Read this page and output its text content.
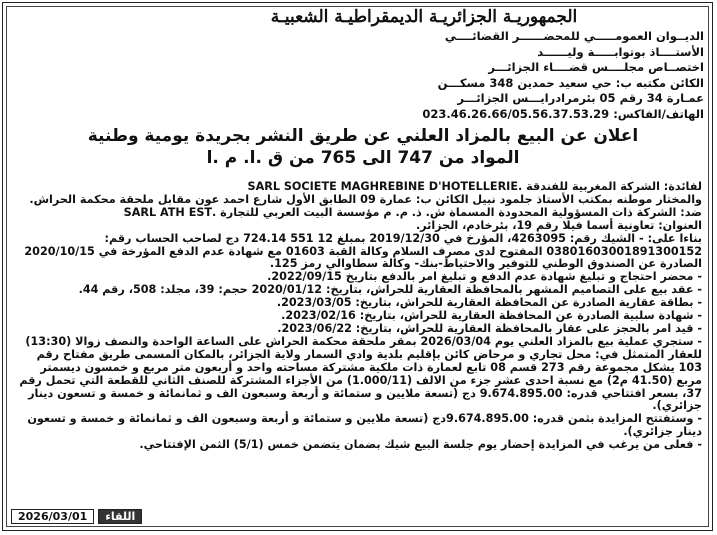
الجمهوريـة الجزائريـة الديمقراطيـة الشعبيـة
الديــوان العمومـــــي للمحضــــــر القضائــــي
الأستــــاذ بوتوابـــــة وليــــــد
اختصــاص مجلــــس قضــــاء الجزائـــر
الكائن مكتبه ب: حي سعيد حمدين 348 مسكـــن
عمـارة 34 رقم 05 بئرمرادرايـــس الجزائـــر
الهاتف/الفاكس: 023.46.26.66/05.56.37.53.29
اعلان عن البيع بالمزاد العلني عن طريق النشر بجريدة يومية وطنية
المواد من 747 الى 765 من ق .ا. م .ا

لفائدة: الشركة المغربية للفندقة .SARL SOCIETE MAGHREBINE D'HOTELLERIE

والمختار موطنه بمكتب الأستاذ جلمود نبيل الكائن ب: عمارة 09 الطابق الأول شارع احمد عون مقابل ملحقة محكمة الحراش.

ضد: الشركة ذات المسؤولية المحدودة المسماة ش. ذ. م. م مؤسسة البيت العربي للتجارة .SARL ATH EST

العنوان: تعاونية أسما فيلا رقم 19، بئرخادم، الجزائر.

بناءا على: - الشيك رقم: 4263095، المؤرخ في 2019/12/30 بمبلغ 12 551 724.14 دج لصاحب الحساب رقم: 03801603001891300152 المفتوح لدى مصرف السلام وكالة القبة 01603 مع شهادة عدم الدفع المؤرخة في 2020/10/15 الصادرة عن الصندوق الوطني للتوفير والاحتياط-بنك- وكالة سطاوالي رمز 125.

- محضر احتجاج و تبليغ شهادة عدم الدفع و تبليغ امر بالدفع بتاريخ 2022/09/15.

- عقد بيع على التصاميم المشهر بالمحافظة العقارية للحراش، بتاريخ: 2020/01/12 حجم: 39، مجلد: 508، رقم 44.

- بطاقة عقارية الصادرة عن المحافظة العقارية للحراش، بتاريخ: 2023/03/05.

- شهادة سلبية الصادرة عن المحافظة العقارية للحراش، بتاريخ: 2023/02/16.

- قيد امر بالحجز على عقار بالمحافظة العقارية للحراش، بتاريخ: 2023/06/22.

- ستجري عملية بيع بالمزاد العلني يوم 2026/03/04 بمقر ملحقة محكمة الحراش على الساعة الواحدة والنصف زوالا (13:30) للعقار المتمثل في: محل تجاري و مرحاض كائن بإقليم بلدية وادي السمار ولاية الجزائر، بالمكان المسمى طريق مفتاح رقم 103 يشكل مجموعة رقم 273 قسم 08 تابع لعمارة ذات ملكية مشتركة مساحته واحد و أربعون متر مربع و خمسون ديسمتر مربع (41.50 م2) مع نسبة احدى عشر جزء من الالف (1.000/11) من الأجزاء المشتركة للصنف الثاني للقطعة التي تحمل رقم 37، بسعر افتتاحي قدره: 9.674.895.00 دج (تسعة ملايين و ستمائة و أربعة وسبعون الف و ثمانمائة و خمسة و تسعون دينار جزائري).

- وستفتتح المزايدة بثمن قدره: 9.674.895.00دج (تسعة ملايين و ستمائة و أربعة وسبعون الف و ثمانمائة و خمسة و تسعون دينار جزائري).

- فعلى من يرغب في المزايدة إحضار يوم جلسة البيع شيك بضمان يتضمن خمس (5/1) الثمن الإفتتاحي.

2026/03/01	اللقاء
